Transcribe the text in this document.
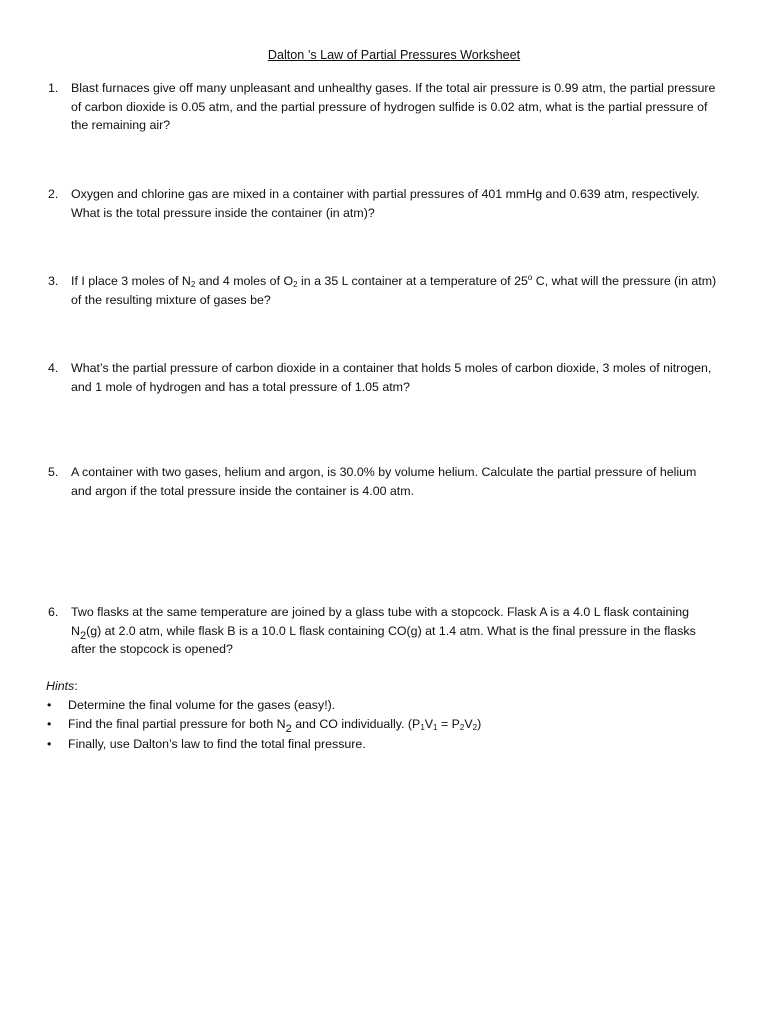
Dalton ’s Law of Partial Pressures Worksheet
1. Blast furnaces give off many unpleasant and unhealthy gases. If the total air pressure is 0.99 atm, the partial pressure of carbon dioxide is 0.05 atm, and the partial pressure of hydrogen sulfide is 0.02 atm, what is the partial pressure of the remaining air?
2. Oxygen and chlorine gas are mixed in a container with partial pressures of 401 mmHg and 0.639 atm, respectively. What is the total pressure inside the container (in atm)?
3. If I place 3 moles of $N_2$ and 4 moles of $O_2$ in a 35 L container at a temperature of 25$^o$ C, what will the pressure (in atm) of the resulting mixture of gases be?
4. What’s the partial pressure of carbon dioxide in a container that holds 5 moles of carbon dioxide, 3 moles of nitrogen, and 1 mole of hydrogen and has a total pressure of 1.05 atm?
5. A container with two gases, helium and argon, is 30.0% by volume helium. Calculate the partial pressure of helium and argon if the total pressure inside the container is 4.00 atm.
6. Two flasks at the same temperature are joined by a glass tube with a stopcock. Flask A is a 4.0 L flask containing
N2(g) at 2.0 atm, while flask B is a 10.0 L flask containing CO(g) at 1.4 atm. What is the final pressure in the flasks after the stopcock is opened?
Hints:
• Determine the final volume for the gases (easy!).
• Find the final partial pressure for both N2 and CO individually. $(P_1V_1 = P_2V_2)$
• Finally, use Dalton’s law to find the total final pressure.
